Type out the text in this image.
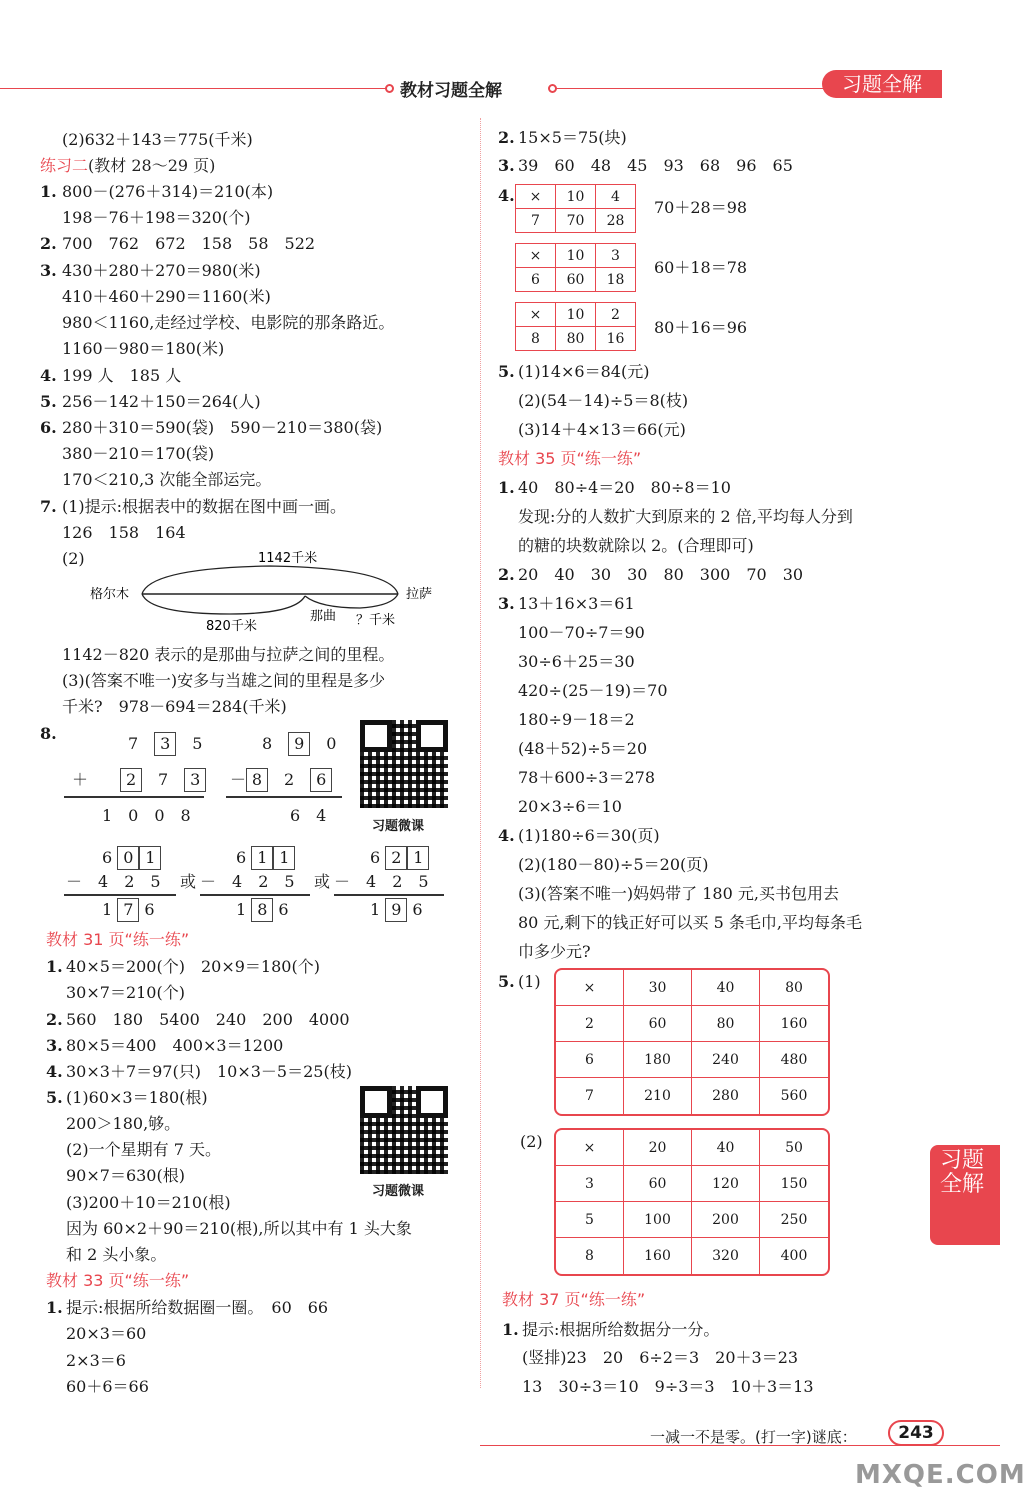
教材习题全解	习题全解
(2)632＋143＝775(千米)
练习二(教材 28～29 页)
1. 800－(276＋314)＝210(本)
198－76＋198＝320(个)
2. 700　762　672　158　58　522
3. 430＋280＋270＝980(米)
410＋460＋290＝1160(米)
980＜1160,走经过学校、电影院的那条路近。
1160－980＝180(米)
4. 199 人　185 人
5. 256－142＋150＝264(人)
6. 280＋310＝590(袋)　590－210＝380(袋)
380－210＝170(袋)
170＜210,3 次能全部运完。
7. (1)提示:根据表中的数据在图中画一画。
126　158　164
(2)	1142千米
格尔木	拉萨
820千米
那曲 ？千米
1142－820 表示的是那曲与拉萨之间的里程。
(3)(答案不唯一)安多与当雄之间的里程是多少
千米?　978－694＝284(千米)
8.
7　 3　 5
＋　　 2　 7　 3
1　0　0　8
8　 9　 0
－ 8　 2　 6
6　4
习题微课
6 0 1
－　 4　2　5
1 7 6
或
6 1 1
－　 4　2　5
1 8 6
或
6 2 1
－　 4　2　5
1 9 6
教材 31 页“练一练”
1. 40×5＝200(个)　20×9＝180(个)
30×7＝210(个)
2. 560　180　5400　240　200　4000
3. 80×5＝400　400×3＝1200
4. 30×3＋7＝97(只)　10×3－5＝25(枝)
5. (1)60×3＝180(根)
200＞180,够。
(2)一个星期有 7 天。
90×7＝630(根)
(3)200＋10＝210(根)
因为 60×2＋90＝210(根),所以其中有 1 头大象
和 2 头小象。
习题微课
教材 33 页“练一练”
1. 提示:根据所给数据圈一圈。　60　66
20×3＝60
2×3＝6
60＋6＝66
2. 15×5＝75(块)
3. 39　60　48　45　93　68　96　65
4. ×	10	4
7	70	28
70＋28＝98
×	10	3
6	60	18
60＋18＝78
×	10	2
8	80	16
80＋16＝96
5. (1)14×6＝84(元)
(2)(54－14)÷5＝8(枝)
(3)14＋4×13＝66(元)
教材 35 页“练一练”
1. 40　80÷4＝20　80÷8＝10
发现:分的人数扩大到原来的 2 倍,平均每人分到
的糖的块数就除以 2。(合理即可)
2. 20　40　30　30　80　300　70　30
3. 13＋16×3＝61
100－70÷7＝90
30÷6＋25＝30
420÷(25－19)＝70
180÷9－18＝2
(48＋52)÷5＝20
78＋600÷3＝278
20×3÷6＝10
4. (1)180÷6＝30(页)
(2)(180－80)÷5＝20(页)
(3)(答案不唯一)妈妈带了 180 元,买书包用去
80 元,剩下的钱正好可以买 5 条毛巾,平均每条毛
巾多少元?
5. (1)	×	30	40	80
2	60	80	160
6	180	240	480
7	210	280	560
(2)	×	20	40	50
3	60	120	150
5	100	200	250
8	160	320	400
教材 37 页“练一练”
1. 提示:根据所给数据分一分。
(竖排)23　20　6÷2＝3　20＋3＝23
13　30÷3＝10　9÷3＝3　10＋3＝13
习题全解
一减一不是零。(打一字)谜底：	243
MXQE.COM
